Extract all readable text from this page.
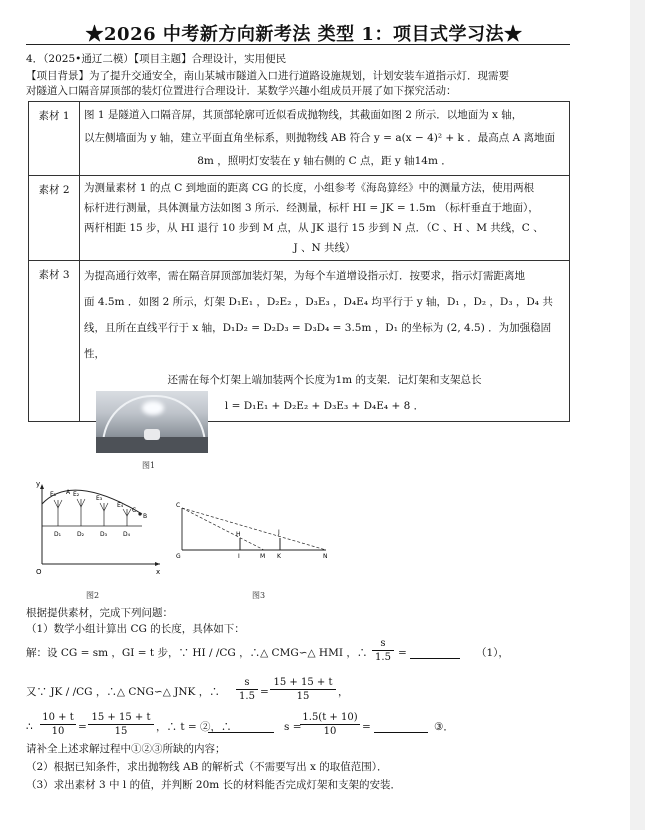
★2026 中考新方向新考法 类型 1：项目式学习法★
4．（2025•通辽二模）【项目主题】合理设计，实用便民
【项目背景】为了提升交通安全，南山某城市隧道入口进行道路设施规划，计划安装车道指示灯．现需要
对隧道入口隔音屏顶部的装灯位置进行合理设计．某数学兴趣小组成员开展了如下探究活动：
素材 1	图 1 是隧道入口隔音屏，其顶部轮廓可近似看成抛物线，其截面如图 2 所示．以地面为 x 轴，
以左侧墙面为 y 轴，建立平面直角坐标系，则抛物线 AB 符合 y = a(x − 4)² + k ．最高点 A 离地面
8m ，照明灯安装在 y 轴右侧的 C 点，距 y 轴14m ．

素材 2	为测量素材 1 的点 C 到地面的距离 CG 的长度，小组参考《海岛算经》中的测量方法，使用两根
标杆进行测量，具体测量方法如图 3 所示．经测量，标杆 HI = JK = 1.5m （标杆垂直于地面），
两杆相距 15 步，从 HI 退行 10 步到 M 点，从 JK 退行 15 步到 N 点．（C 、H 、M 共线，C 、
J 、N 共线）

素材 3	为提高通行效率，需在隔音屏顶部加装灯架，为每个车道增设指示灯．按要求，指示灯需距离地
面 4.5m ．如图 2 所示，灯架 D₁E₁ ，D₂E₂ ，D₃E₃ ，D₄E₄ 均平行于 y 轴，D₁ ，D₂ ，D₃ ，D₄ 共
线，且所在直线平行于 x 轴，D₁D₂ = D₂D₃ = D₃D₄ = 3.5m ，D₁ 的坐标为 (2, 4.5) ．为加强稳固性，
还需在每个灯架上端加装两个长度为1m 的支架．记灯架和支架总长
l = D₁E₁ + D₂E₂ + D₃E₃ + D₄E₄ + 8 ．
图1
y
x
O
E₁ A E₂
E₃
E₄
C
B
D₁	D₂	D₃	D₄
图2
C
G
H
I	M
J
K	N
图3
根据提供素材，完成下列问题：
（1）数学小组计算出 CG 的长度，具体如下：
解：设 CG = sm ，GI = t 步，∵ HI / /CG ，∴△ CMG∽△ HMI ，∴ $\frac{s}{1.5}$ =	（1），
又∵ JK / /CG ，∴△ CNG∽△ JNK ，∴ $\frac{s}{1.5} = \frac{15 + 15 + t}{15}$ ，
∴ $\frac{10 + t}{10} = \frac{15 + 15 + t}{15}$ ，∴ t = ②，∴	s =
$\frac{1.5(t + 10)}{10}$ =	③．
请补全上述求解过程中①②③所缺的内容；
（2）根据已知条件，求出抛物线 AB 的解析式（不需要写出 x 的取值范围）．
（3）求出素材 3 中 l 的值，并判断 20m 长的材料能否完成灯架和支架的安装．
